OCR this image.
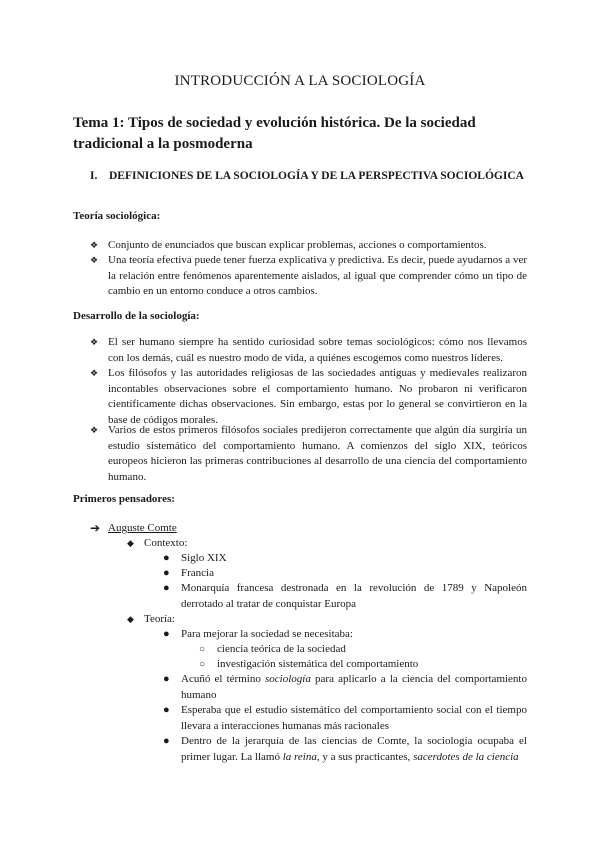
INTRODUCCIÓN A LA SOCIOLOGÍA
Tema 1: Tipos de sociedad y evolución histórica. De la sociedad tradicional a la posmoderna
I. DEFINICIONES DE LA SOCIOLOGÍA Y DE LA PERSPECTIVA SOCIOLÓGICA
Teoría sociológica:
❖ Conjunto de enunciados que buscan explicar problemas, acciones o comportamientos.
❖ Una teoría efectiva puede tener fuerza explicativa y predictiva. Es decir, puede ayudarnos a ver la relación entre fenómenos aparentemente aislados, al igual que comprender cómo un tipo de cambio en un entorno conduce a otros cambios.
Desarrollo de la sociología:
❖ El ser humano siempre ha sentido curiosidad sobre temas sociológicos: cómo nos llevamos con los demás, cuál es nuestro modo de vida, a quiénes escogemos como nuestros líderes.
❖ Los filósofos y las autoridades religiosas de las sociedades antiguas y medievales realizaron incontables observaciones sobre el comportamiento humano. No probaron ni verificaron científicamente dichas observaciones. Sin embargo, estas por lo general se convirtieron en la base de códigos morales.
❖ Varios de estos primeros filósofos sociales predijeron correctamente que algún día surgiría un estudio sistemático del comportamiento humano. A comienzos del siglo XIX, teóricos europeos hicieron las primeras contribuciones al desarrollo de una ciencia del comportamiento humano.
Primeros pensadores:
➔ Auguste Comte
◆ Contexto:
● Siglo XIX
● Francia
● Monarquía francesa destronada en la revolución de 1789 y Napoleón derrotado al tratar de conquistar Europa
◆ Teoría:
● Para mejorar la sociedad se necesitaba:
○ ciencia teórica de la sociedad
○ investigación sistemática del comportamiento
● Acuñó el término sociología para aplicarlo a la ciencia del comportamiento humano
● Esperaba que el estudio sistemático del comportamiento social con el tiempo llevara a interacciones humanas más racionales
● Dentro de la jerarquía de las ciencias de Comte, la sociología ocupaba el primer lugar. La llamó la reina, y a sus practicantes, sacerdotes de la ciencia
